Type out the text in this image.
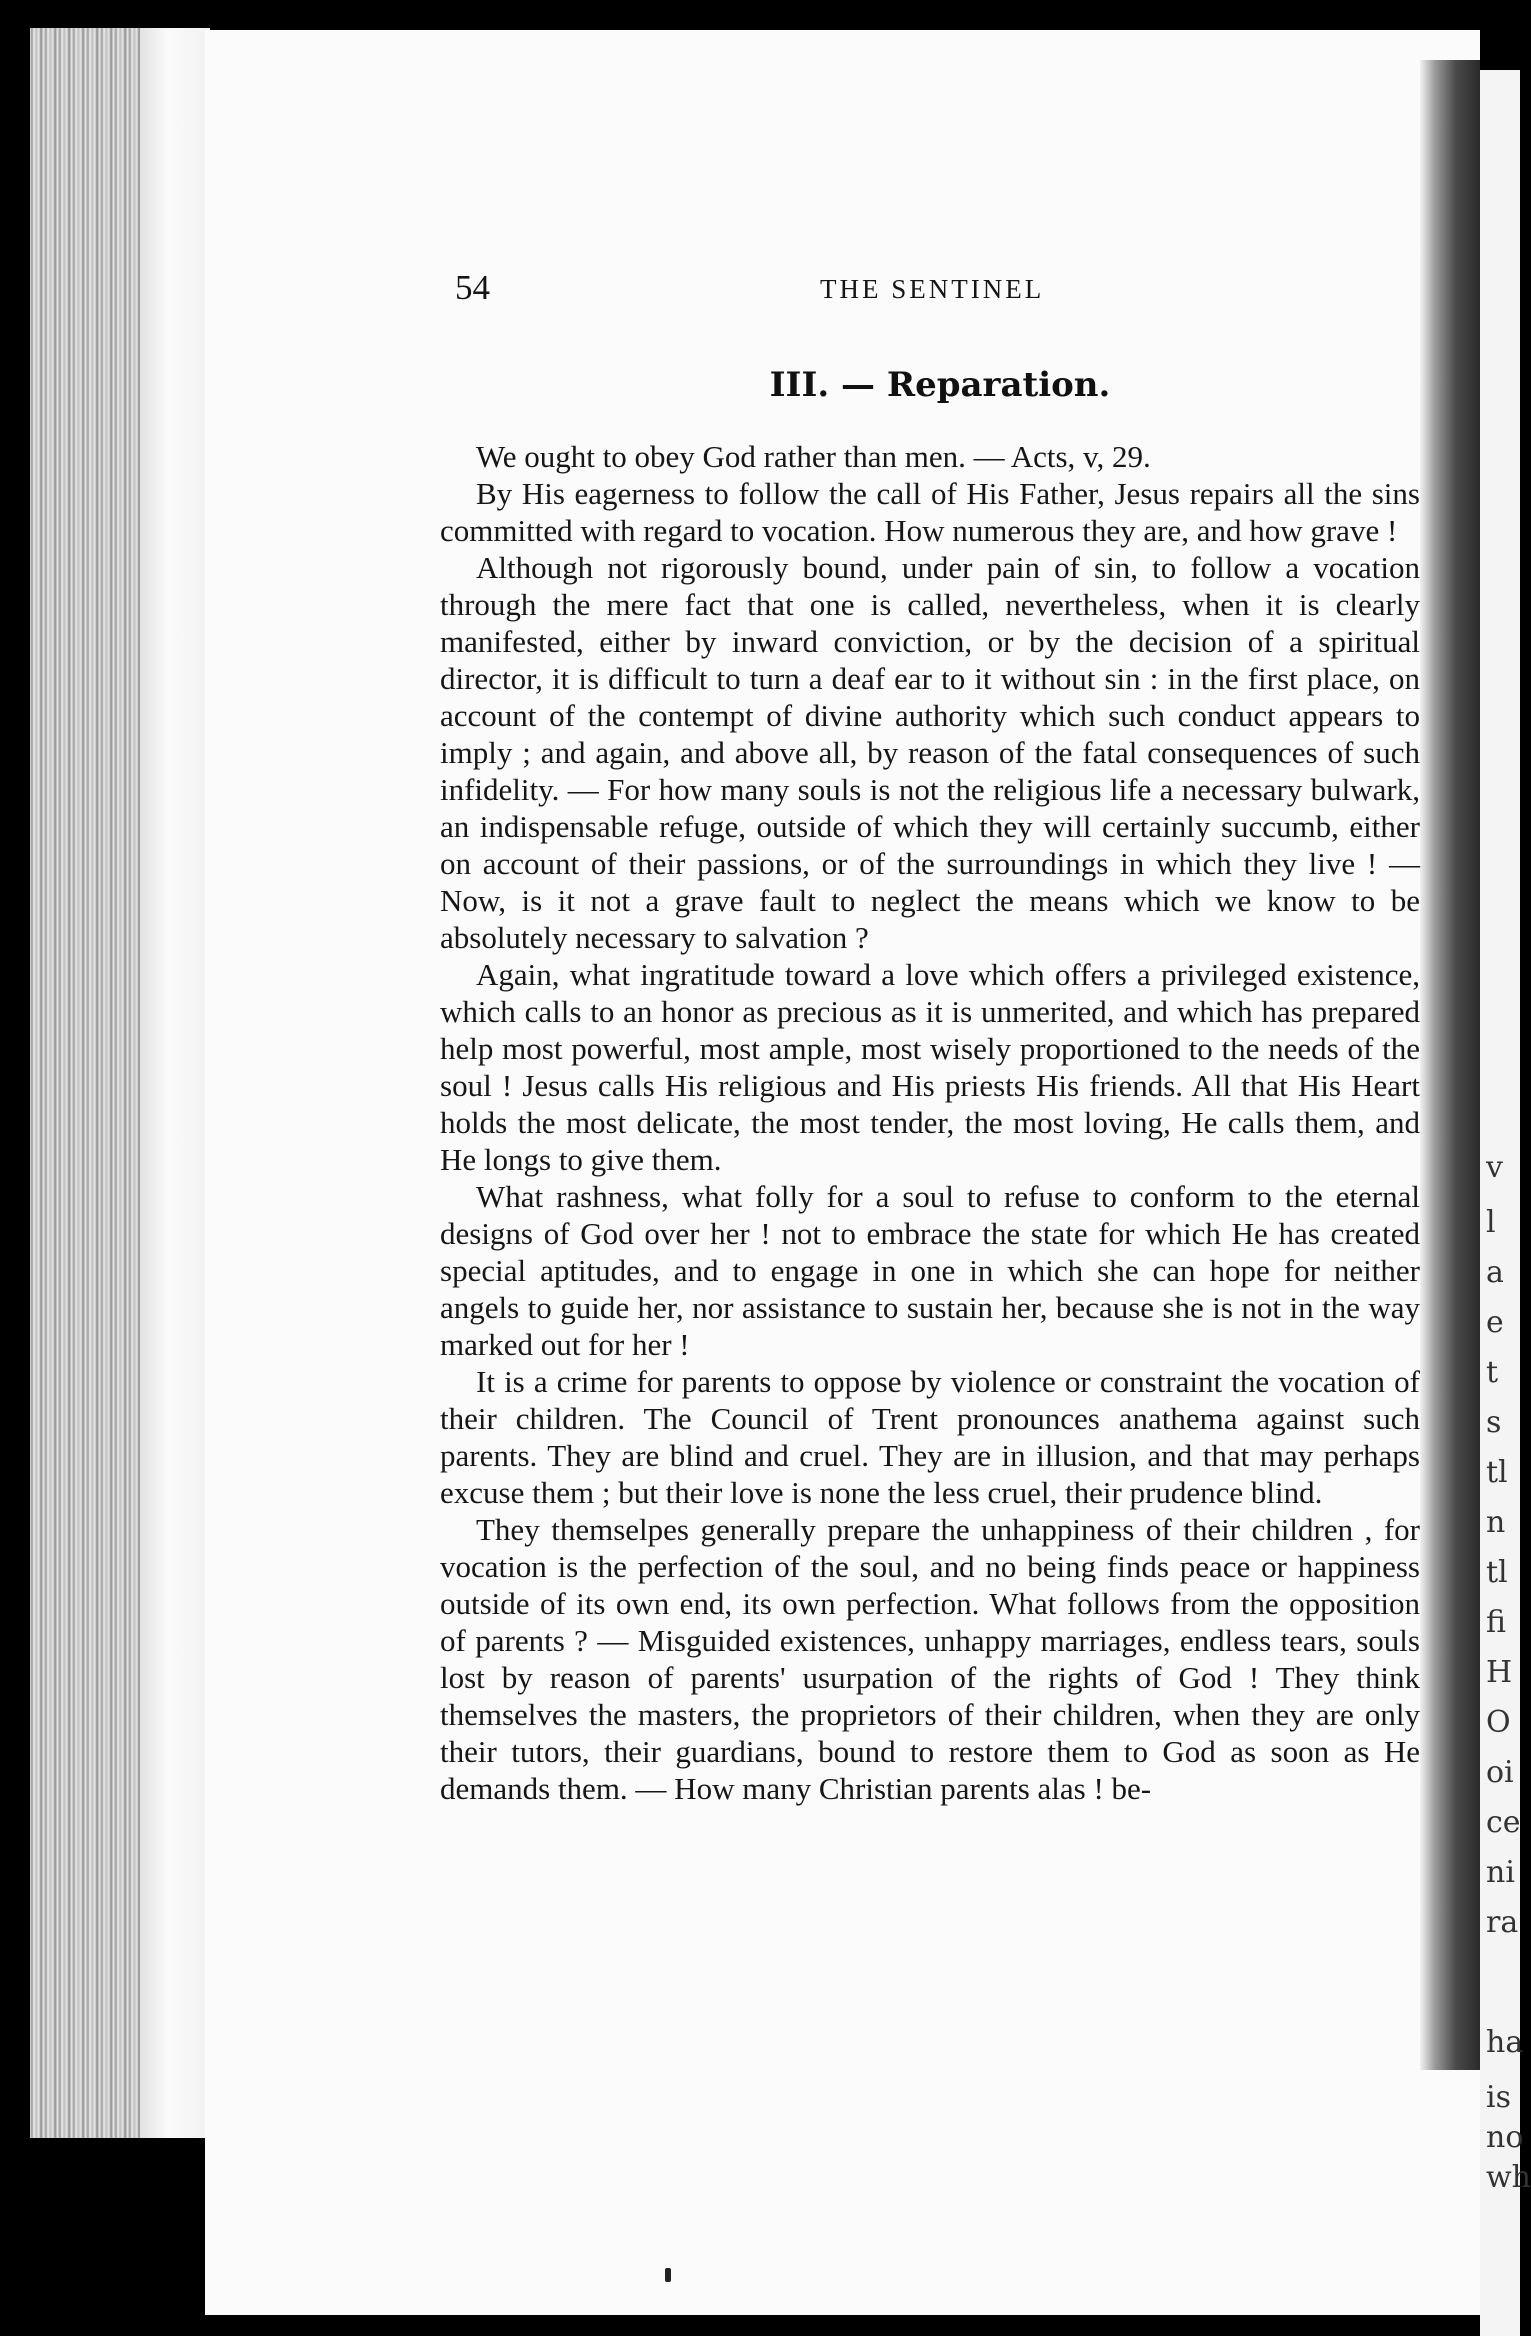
v
l
a
e
t
s
tl
n
tl
fi
H
O
oi
ce
ni
ra
ha
is
no
wh
54	THE SENTINEL
III. — Reparation.

We ought to obey God rather than men. — Acts, v, 29.

By His eagerness to follow the call of His Father, Jesus repairs all the sins committed with regard to vocation. How numerous they are, and how grave !

Although not rigorously bound, under pain of sin, to follow a vocation through the mere fact that one is called, nevertheless, when it is clearly manifested, either by inward conviction, or by the decision of a spiritual director, it is difficult to turn a deaf ear to it without sin : in the first place, on account of the contempt of divine authority which such conduct appears to imply ; and again, and above all, by reason of the fatal consequences of such infidelity. — For how many souls is not the religious life a necessary bulwark, an indispensable refuge, outside of which they will certainly succumb, either on account of their passions, or of the surroundings in which they live ! — Now, is it not a grave fault to neglect the means which we know to be absolutely necessary to salvation ?

Again, what ingratitude toward a love which offers a privileged existence, which calls to an honor as precious as it is unmerited, and which has prepared help most powerful, most ample, most wisely proportioned to the needs of the soul ! Jesus calls His religious and His priests His friends. All that His Heart holds the most delicate, the most tender, the most loving, He calls them, and He longs to give them.

What rashness, what folly for a soul to refuse to conform to the eternal designs of God over her ! not to embrace the state for which He has created special aptitudes, and to engage in one in which she can hope for neither angels to guide her, nor assistance to sustain her, because she is not in the way marked out for her !

It is a crime for parents to oppose by violence or constraint the vocation of their children. The Council of Trent pronounces anathema against such parents. They are blind and cruel. They are in illusion, and that may perhaps excuse them ; but their love is none the less cruel, their prudence blind.

They themselpes generally prepare the unhappiness of their children , for vocation is the perfection of the soul, and no being finds peace or happiness outside of its own end, its own perfection. What follows from the opposition of parents ? — Misguided existences, unhappy marriages, endless tears, souls lost by reason of parents' usurpation of the rights of God ! They think themselves the masters, the proprietors of their children, when they are only their tutors, their guardians, bound to restore them to God as soon as He demands them. — How many Christian parents alas ! be-
